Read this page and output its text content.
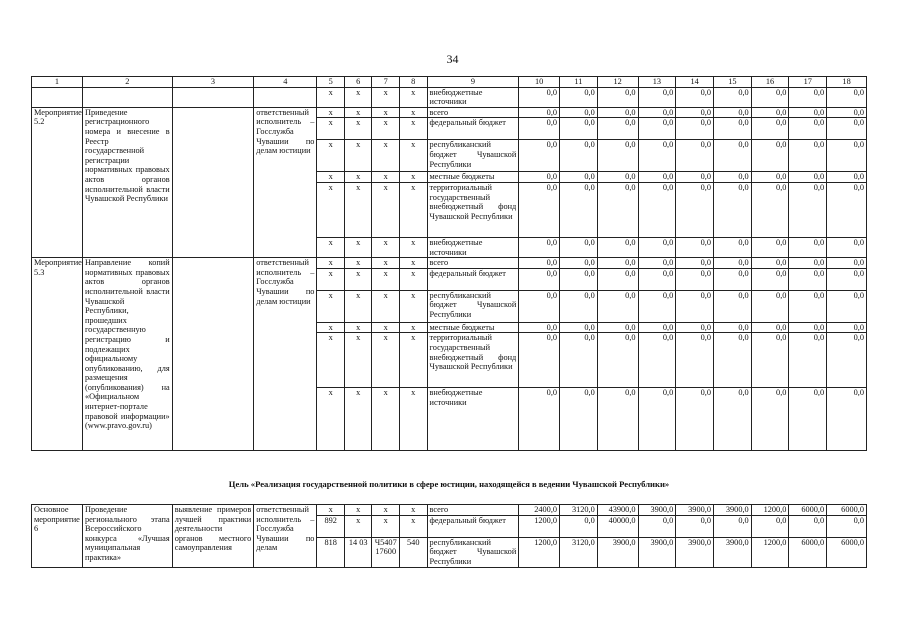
34
1	2	3	4	5	6	7	8	9	10	11	12	13	14	15	16	17	18
				x	x	x	x	внебюджетные источники	0,0	0,0	0,0	0,0	0,0	0,0	0,0	0,0	0,0
Мероприятие 5.2	Приведение регистрационного номера и внесение в Реестр государственной регистрации нормативных правовых актов органов исполнительной власти Чувашской Республики		ответственный исполнитель – Госслужба Чувашии по делам юстиции	x	x	x	x	всего	0,0	0,0	0,0	0,0	0,0	0,0	0,0	0,0	0,0
				x	x	x	x	федеральный бюджет	0,0	0,0	0,0	0,0	0,0	0,0	0,0	0,0	0,0
				x	x	x	x	республиканский бюджет Чувашской Республики	0,0	0,0	0,0	0,0	0,0	0,0	0,0	0,0	0,0
				x	x	x	x	местные бюджеты	0,0	0,0	0,0	0,0	0,0	0,0	0,0	0,0	0,0
				x	x	x	x	территориальный государственный внебюджетный фонд Чувашской Республики	0,0	0,0	0,0	0,0	0,0	0,0	0,0	0,0	0,0
				x	x	x	x	внебюджетные источники	0,0	0,0	0,0	0,0	0,0	0,0	0,0	0,0	0,0
Мероприятие 5.3	Направление копий нормативных правовых актов органов исполнительной власти Чувашской Республики, прошедших государственную регистрацию и подлежащих официальному опубликованию, для размещения (опубликования) на «Официальном интернет-портале правовой информации» (www.pravo.gov.ru)		ответственный исполнитель – Госслужба Чувашии по делам юстиции	x	x	x	x	всего	0,0	0,0	0,0	0,0	0,0	0,0	0,0	0,0	0,0
				x	x	x	x	федеральный бюджет	0,0	0,0	0,0	0,0	0,0	0,0	0,0	0,0	0,0
				x	x	x	x	республиканский бюджет Чувашской Республики	0,0	0,0	0,0	0,0	0,0	0,0	0,0	0,0	0,0
				x	x	x	x	местные бюджеты	0,0	0,0	0,0	0,0	0,0	0,0	0,0	0,0	0,0
				x	x	x	x	территориальный государственный внебюджетный фонд Чувашской Республики	0,0	0,0	0,0	0,0	0,0	0,0	0,0	0,0	0,0
				x	x	x	x	внебюджетные источники	0,0	0,0	0,0	0,0	0,0	0,0	0,0	0,0	0,0
Цель «Реализация государственной политики в сфере юстиции, находящейся в ведении Чувашской Республики»
Основное мероприятие 6	Проведение регионального этапа Всероссийского конкурса «Лучшая муниципальная практика»	выявление примеров лучшей практики деятельности органов местного самоуправления	ответственный исполнитель – Госслужба Чувашии по делам	x	x	x	x	всего	2400,0	3120,0	43900,0	3900,0	3900,0	3900,0	1200,0	6000,0	6000,0
				892	x	x	x	федеральный бюджет	1200,0	0,0	40000,0	0,0	0,0	0,0	0,0	0,0	0,0
				818	14 03	Ч5407 17600	540	республиканский бюджет Чувашской Республики	1200,0	3120,0	3900,0	3900,0	3900,0	3900,0	1200,0	6000,0	6000,0
